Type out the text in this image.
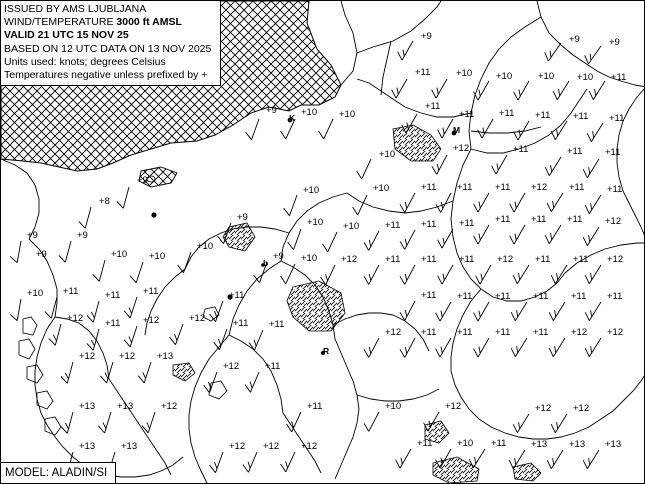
+9	+9	+9
+11	+10	+10	+10 +10 +11
+9	+10 +10
+11
+11	+11 +11 +11 +11
+10
+12	+11	+11 +11
+9
+10	+10	+11 +11 +11 +12 +11 +11
+8
+9	+10 +10	+11 +11 +11 +11 +11 +11 +12
+9
+9
+9
+10 +10
+10
+9 +10	+12	+11 +11 +11 +12 +11 +11 +12
+10 +11	+11 +11	+11	+11 +11 +11 +11 +11 +11
+12 +11 +12	+12	+11 +11
+12 +11 +11 +11 +11 +12 +12
+12	+12 +13
+12	+11
+13 +13	+12	+11	+10	+12	+12 +12
+13	+13	+12 +12 +12	+11	+10 +11	+13 +13 +13
K
M
b
R
ISSUED BY AMS LJUBLJANA
WIND/TEMPERATURE 3000 ft AMSL
VALID 21 UTC 15 NOV 25
BASED ON 12 UTC DATA ON 13 NOV 2025
Units used: knots; degrees Celsius
Temperatures negative unless prefixed by +
MODEL: ALADIN/SI
